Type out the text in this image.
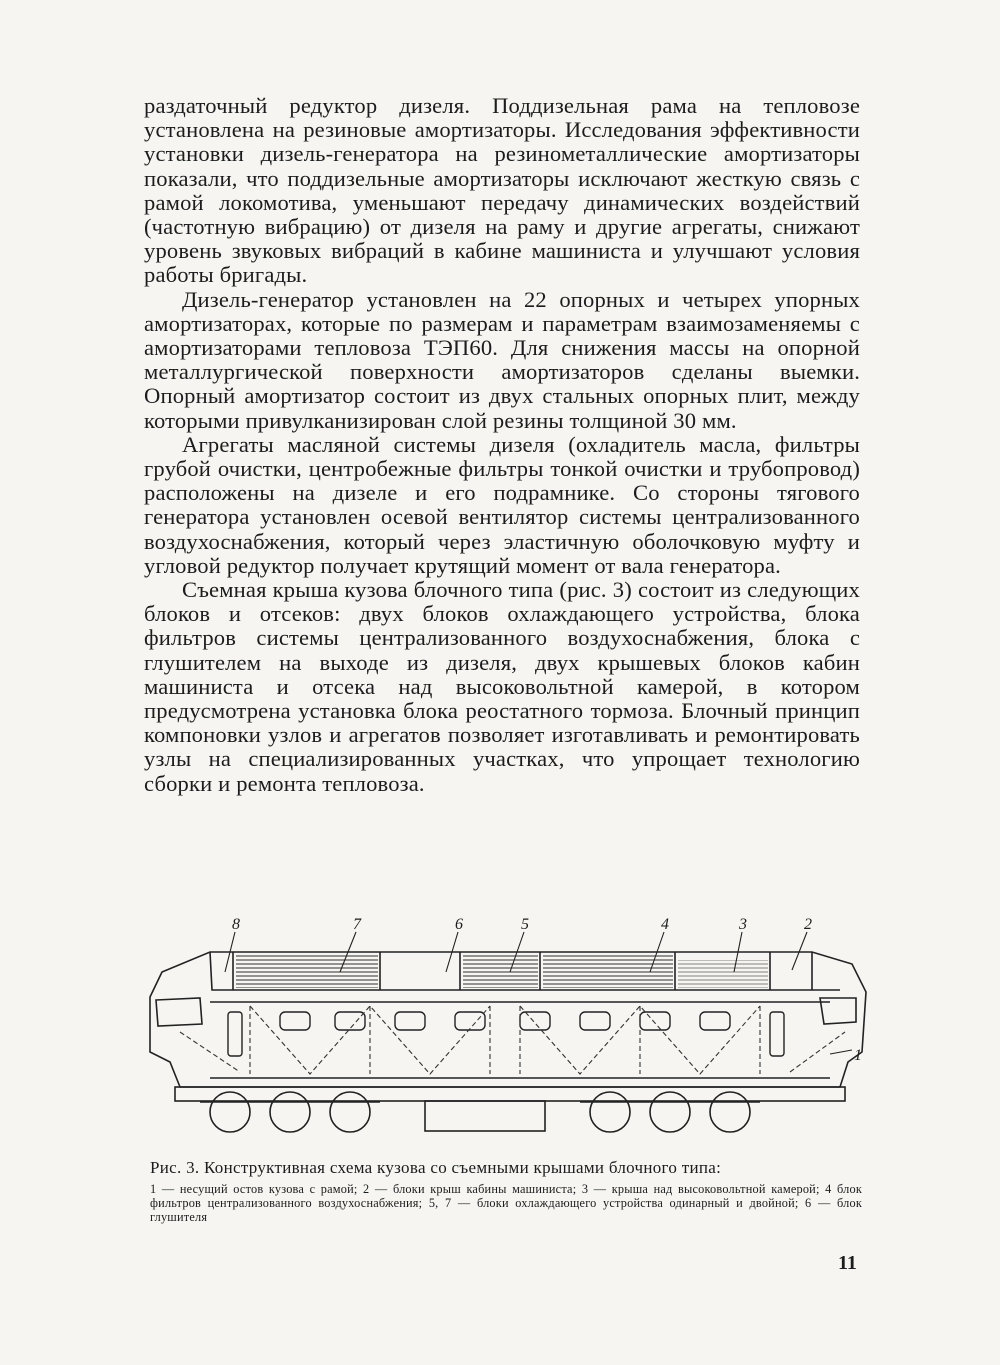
раздаточный редуктор дизеля. Поддизельная рама на тепловозе установлена на резиновые амортизаторы. Исследования эффективности установки дизель-генератора на резинометаллические амортизаторы показали, что поддизельные амортизаторы исключают жесткую связь с рамой локомотива, уменьшают передачу динамических воздействий (частотную вибрацию) от дизеля на раму и другие агрегаты, снижают уровень звуковых вибраций в кабине машиниста и улучшают условия работы бригады.

Дизель-генератор установлен на 22 опорных и четырех упорных амортизаторах, которые по размерам и параметрам взаимозаменяемы с амортизаторами тепловоза ТЭП60. Для снижения массы на опорной металлургической поверхности амортизаторов сделаны выемки. Опорный амортизатор состоит из двух стальных опорных плит, между которыми привулканизирован слой резины толщиной 30 мм.

Агрегаты масляной системы дизеля (охладитель масла, фильтры грубой очистки, центробежные фильтры тонкой очистки и трубопровод) расположены на дизеле и его подрамнике. Со стороны тягового генератора установлен осевой вентилятор системы централизованного воздухоснабжения, который через эластичную оболочковую муфту и угловой редуктор получает крутящий момент от вала генератора.

Съемная крыша кузова блочного типа (рис. 3) состоит из следующих блоков и отсеков: двух блоков охлаждающего устройства, блока фильтров системы централизованного воздухоснабжения, блока с глушителем на выходе из дизеля, двух крышевых блоков кабин машиниста и отсека над высоковольтной камерой, в котором предусмотрена установка блока реостатного тормоза. Блочный принцип компоновки узлов и агрегатов позволяет изготавливать и ремонтировать узлы на специализированных участках, что упрощает технологию сборки и ремонта тепловоза.

8	7	6	5	4	3	2
1
Рис. 3. Конструктивная схема кузова со съемными крышами блочного типа:
1 — несущий остов кузова с рамой; 2 — блоки крыш кабины машиниста; 3 — крыша над высоковольтной камерой; 4 блок фильтров централизованного воздухоснабжения; 5, 7 — блоки охлаждающего устройства одинарный и двойной; 6 — блок глушителя
11
